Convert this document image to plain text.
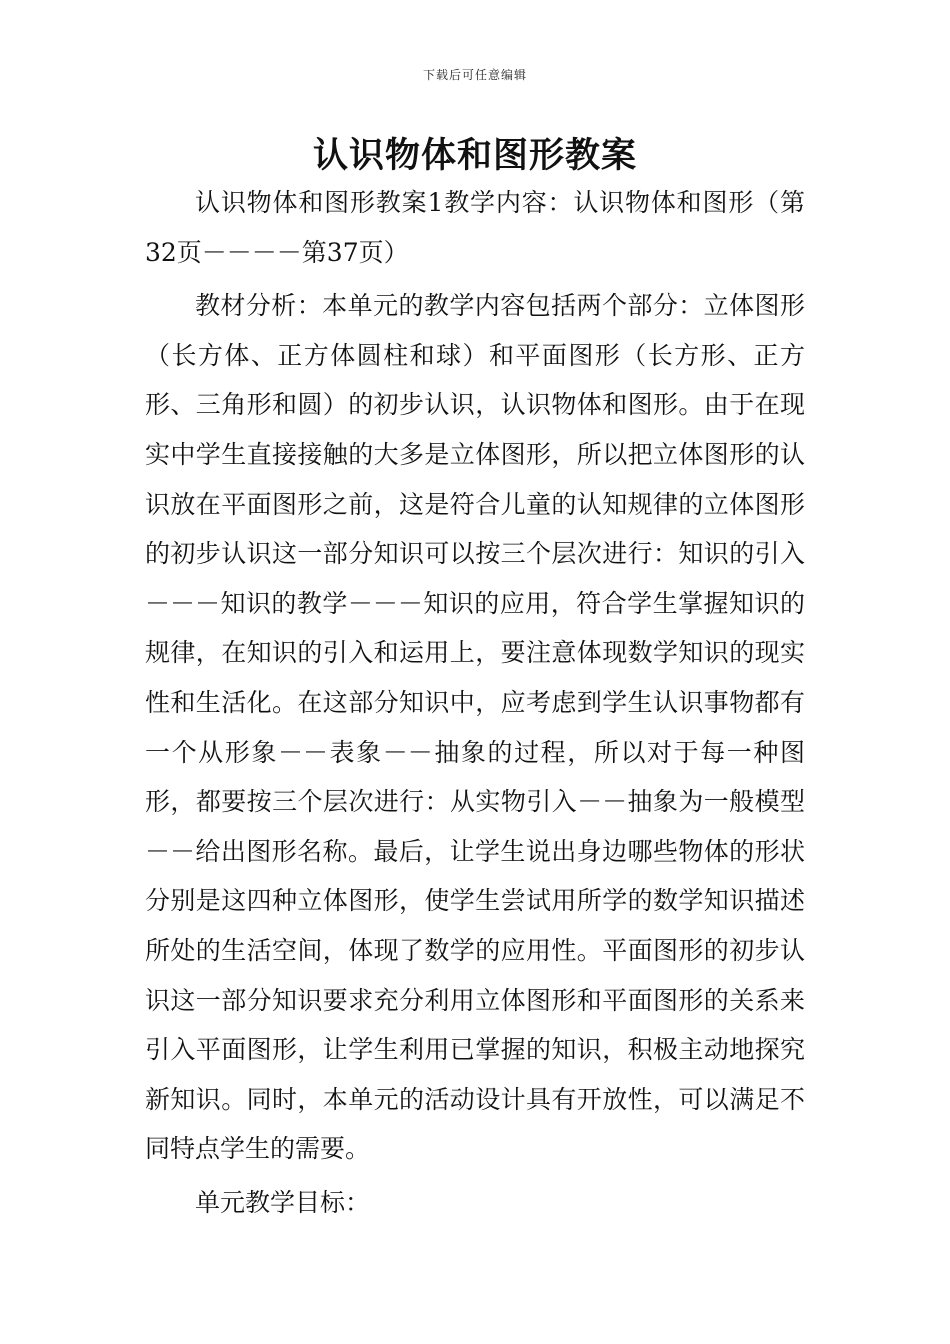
下载后可任意编辑
认识物体和图形教案

认识物体和图形教案1教学内容：认识物体和图形（第32页－－－－第37页）

教材分析：本单元的教学内容包括两个部分：立体图形（长方体、正方体圆柱和球）和平面图形（长方形、正方形、三角形和圆）的初步认识，认识物体和图形。由于在现实中学生直接接触的大多是立体图形，所以把立体图形的认识放在平面图形之前，这是符合儿童的认知规律的立体图形的初步认识这一部分知识可以按三个层次进行：知识的引入－－－知识的教学－－－知识的应用，符合学生掌握知识的规律，在知识的引入和运用上，要注意体现数学知识的现实性和生活化。在这部分知识中，应考虑到学生认识事物都有一个从形象－－表象－－抽象的过程，所以对于每一种图形，都要按三个层次进行：从实物引入－－抽象为一般模型－－给出图形名称。最后，让学生说出身边哪些物体的形状分别是这四种立体图形，使学生尝试用所学的数学知识描述所处的生活空间，体现了数学的应用性。平面图形的初步认识这一部分知识要求充分利用立体图形和平面图形的关系来引入平面图形，让学生利用已掌握的知识，积极主动地探究新知识。同时，本单元的活动设计具有开放性，可以满足不同特点学生的需要。

单元教学目标：
